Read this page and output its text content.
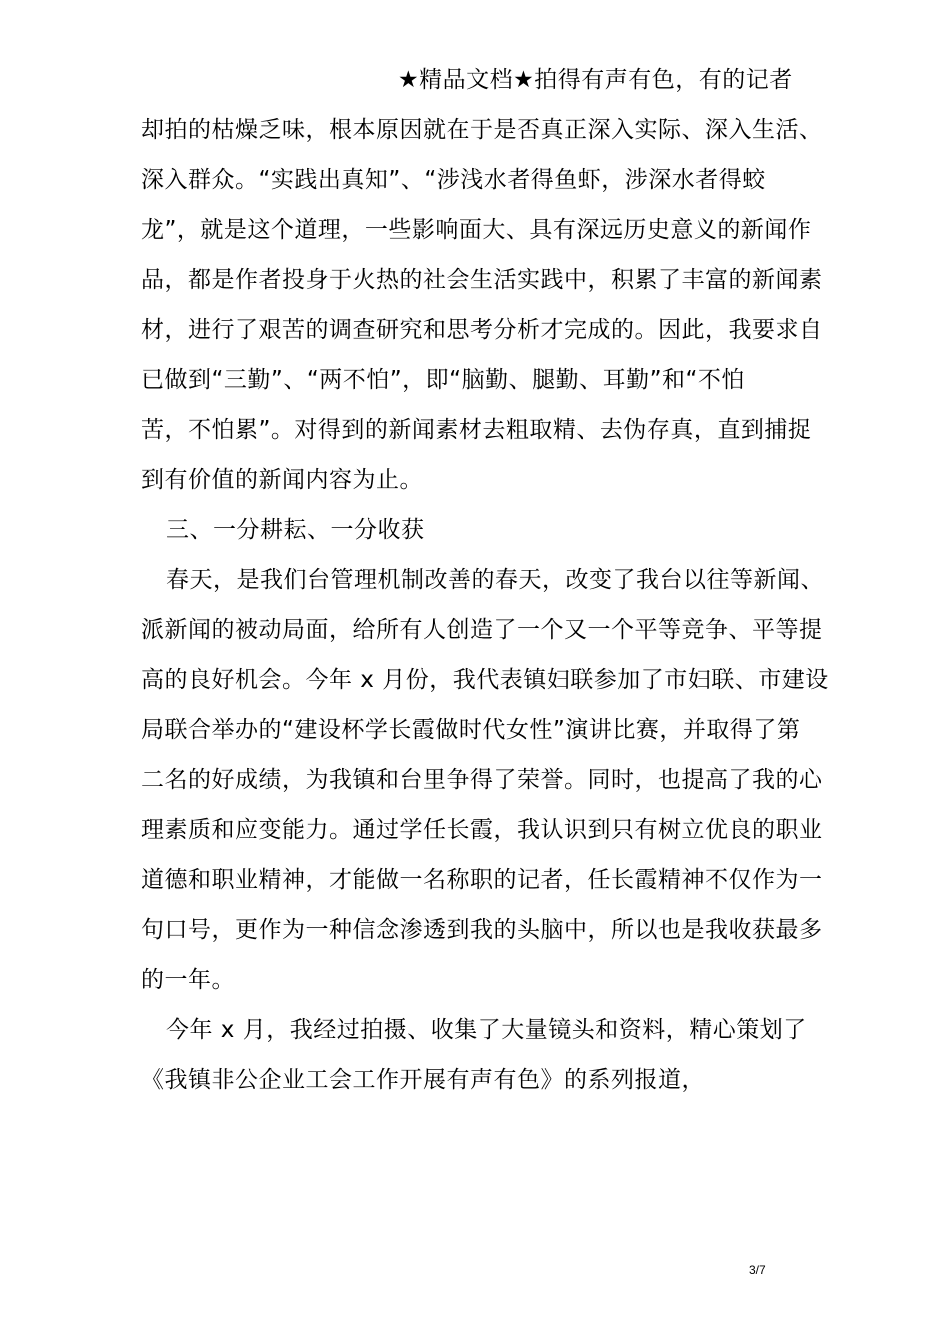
★精品文档★拍得有声有色，有的记者
却拍的枯燥乏味，根本原因就在于是否真正深入实际、深入生活、
深入群众。“实践出真知”、“涉浅水者得鱼虾，涉深水者得蛟
龙”，就是这个道理，一些影响面大、具有深远历史意义的新闻作
品，都是作者投身于火热的社会生活实践中，积累了丰富的新闻素
材，进行了艰苦的调查研究和思考分析才完成的。因此，我要求自
已做到“三勤”、“两不怕”，即“脑勤、腿勤、耳勤”和“不怕
苦，不怕累”。对得到的新闻素材去粗取精、去伪存真，直到捕捉
到有价值的新闻内容为止。
三、一分耕耘、一分收获
春天，是我们台管理机制改善的春天，改变了我台以往等新闻、
派新闻的被动局面，给所有人创造了一个又一个平等竞争、平等提
高的良好机会。今年 x 月份，我代表镇妇联参加了市妇联、市建设
局联合举办的“建设杯学长霞做时代女性”演讲比赛，并取得了第
二名的好成绩，为我镇和台里争得了荣誉。同时，也提高了我的心
理素质和应变能力。通过学任长霞，我认识到只有树立优良的职业
道德和职业精神，才能做一名称职的记者，任长霞精神不仅作为一
句口号，更作为一种信念渗透到我的头脑中，所以也是我收获最多
的一年。
今年 x 月，我经过拍摄、收集了大量镜头和资料，精心策划了
《我镇非公企业工会工作开展有声有色》的系列报道，
3/7
